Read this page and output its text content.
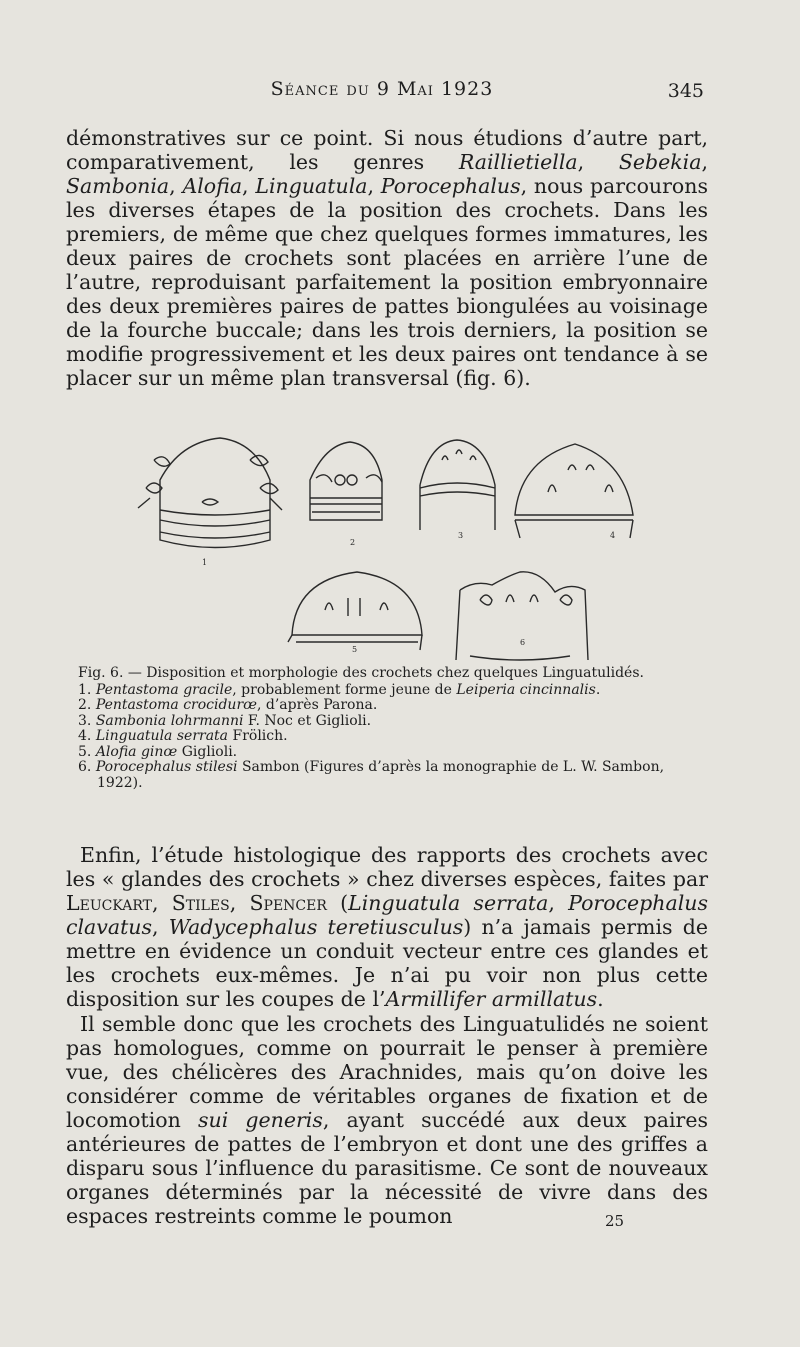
Séance du 9 Mai 1923	345

démonstratives sur ce point. Si nous étudions d’autre part, comparativement, les genres Raillietiella, Sebekia, Sambonia, Alofia, Linguatula, Porocephalus, nous parcourons les diverses étapes de la position des crochets. Dans les premiers, de même que chez quelques formes immatures, les deux paires de crochets sont placées en arrière l’une de l’autre, reproduisant parfaitement la position embryonnaire des deux premières paires de pattes biongulées au voisinage de la fourche buccale; dans les trois derniers, la position se modifie progressivement et les deux paires ont tendance à se placer sur un même plan transversal (fig. 6).

1
2
3	4
5
6

Fig. 6. — Disposition et morphologie des crochets chez quelques Linguatulidés.

1. Pentastoma gracile, probablement forme jeune de Leiperia cincinnalis.

2. Pentastoma crocidurœ, d’après Parona.

3. Sambonia lohrmanni F. Noc et Giglioli.

4. Linguatula serrata Frölich.

5. Alofia ginœ Giglioli.

6. Porocephalus stilesi Sambon (Figures d’après la monographie de L. W. Sambon, 1922).

Enfin, l’étude histologique des rapports des crochets avec les « glandes des crochets » chez diverses espèces, faites par Leuckart, Stiles, Spencer (Linguatula serrata, Porocephalus clavatus, Wadycephalus teretiusculus) n’a jamais permis de mettre en évidence un conduit vecteur entre ces glandes et les crochets eux-mêmes. Je n’ai pu voir non plus cette disposition sur les coupes de l’Armillifer armillatus.

Il semble donc que les crochets des Linguatulidés ne soient pas homologues, comme on pourrait le penser à première vue, des chélicères des Arachnides, mais qu’on doive les considérer comme de véritables organes de fixation et de locomotion sui generis, ayant succédé aux deux paires antérieures de pattes de l’embryon et dont une des griffes a disparu sous l’influence du parasitisme. Ce sont de nouveaux organes déterminés par la nécessité de vivre dans des espaces restreints comme le poumon	25
